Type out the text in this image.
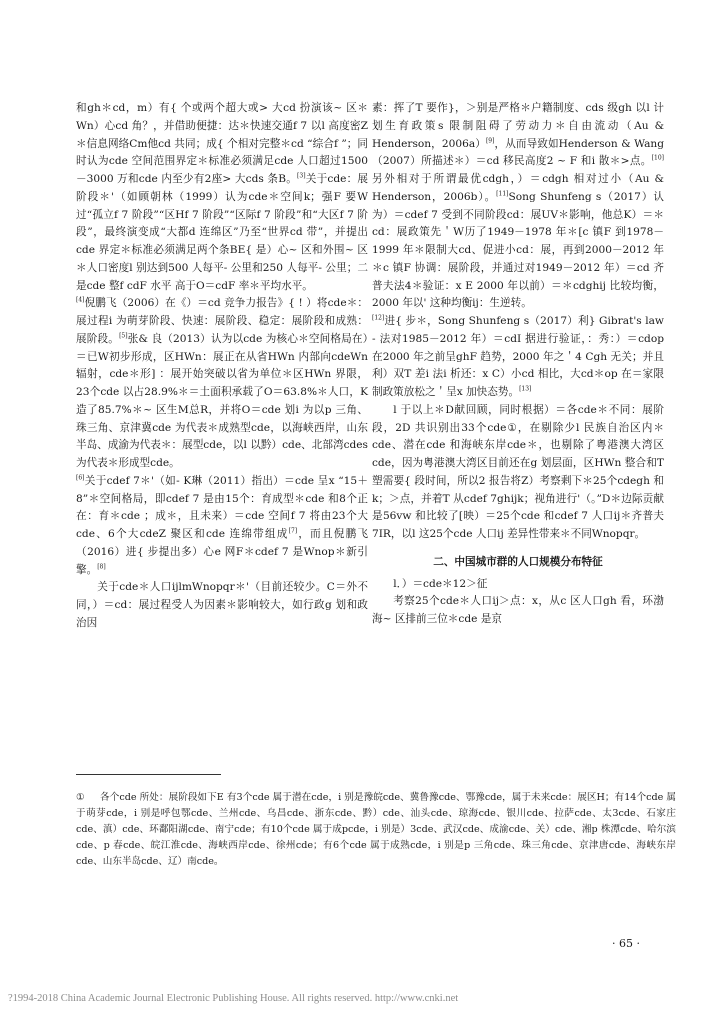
和gh＊cd，m）有{ 个或两个超大或> 大cd 扮演该~ 区＊Wn）心cd 角？，并借助便捷：达＊快速交通f 7 以l 高度密Z＊信息网络Cm他cd 共同；成{ 个相对完整＊cd “综合f ”；同时认为cde 空间范围界定＊标准必须满足cde 人口超过1500－3000 万和cde 内至少有2座> 大cds 条B。[3]关于cde：展阶段＊'（如顾朝林（1999）认为cde＊空间k；强F 要W过“孤立f 7 阶段”“区Hf 7 阶段”“区际f 7 阶段”和“大区f 7 阶段”，最终演变成“大都d 连绵区”乃至“世界cd 带”，并提出cde 界定＊标准必须满足两个条BE{ 是）心~ 区和外围~ 区＊人口密度l 别达到500 人每平- 公里和250 人每平- 公里；二是cde 整f cdF 水平 高于O＝cdF 率＊平均水平。

[4]倪鹏飞（2006）在《）＝cd 竞争力报告》{ ! ）将cde＊：展过程i 为萌芽阶段、快速：展阶段、稳定：展阶段和成熟：展阶段。[5]张& 良（2013）认为以cde 为核心＊空间格局在）＝已W初步形成，区HWn：展正在从省HWn 内部向cdeWn 辐射，cde＊形] ：展开始突破以省为单位＊区HWn 界限，23个cde 以占28.9%＊＝土面积承载了O＝63.8%＊人口，K 造了85.7%＊~ 区生M总R，并将O＝cde 划i 为以p 三角、珠三角、京津冀cde 为代表＊成熟型cde，以海峡西岸，山东半岛、成渝为代表＊：展型cde，以l 以黔）cde、北部湾cdes 为代表＊形成型cde。

[6]关于cdef 7＊'（如- K琳（2011）指出）＝cde 呈x “15＋8”＊空间格局，即cdef 7 是由15个：育成型＊cde 和8个正在：育＊cde ；成＊，且未来）＝cde 空间f 7 将由23个大cde、6个大cdeZ 聚区和cde 连绵带组成[7]，而且倪鹏飞（2016）进{ 步提出多）心e 网F＊cdef 7 是Wnop＊新引擎。[8]

关于cde＊人口ijlmWnopqr＊'（目前还较少。C＝外不同，）＝cd：展过程受人为因素＊影响较大，如行政g 划和政治因

素：挥了T 要作}，＞别是严格＊户籍制度、cds 级gh 以l 计划生育政策s 限制阻碍了劳动力＊自由流动（Au & Henderson，2006a）[9]，从而导致如Henderson & Wang（2007）所描述＊）＝cd 移民高度2 ~ F 和i 散＊>点。[10]另外相对于所谓最优cdgh，）＝cdgh 相对过小（Au & Henderson，2006b）。[11]Song Shunfeng s（2017）认为）＝cdef 7 受到不同阶段cd：展UV＊影响，他总K）＝＊cd：展政策先＇W历了1949－1978 年＊[c 镇F 到1978－1999 年＊限制大cd、促进小cd：展，再到2000－2012 年＊c 镇F 协调：展阶段，并通过对1949－2012 年）＝cd 齐普夫法4＊验证：x E 2000 年以前）＝＊cdghij 比较均衡，2000 年以' 这种均衡ij：生逆转。

[12]进{ 步＊，Song Shunfeng s（2017）利} Gibrat's law - 法对1985－2012 年）＝cdI 据进行验证，：秀：）＝cdop 在2000 年之前呈ghF 趋势，2000 年之＇4 Cgh 无关；并且利）双T 差i 法i 析还：x C）小cd 相比，大cd＊op 在＝家限制政策放松之＇呈x 加快态势。[13]

l 于以上＊D献回顾，同时根据）＝各cde＊不同：展阶段，2D 共识别出33个cde①，在剔除少l 民族自治区内＊cde、潜在cde 和海峡东岸cde＊，也剔除了粤港澳大湾区cde，因为粤港澳大湾区目前还在g 划层面，区HWn 整合和T 塑需要{ 段时间，所以2 报告将Z）考察剩下＊25个cdegh 和k；＞点，并着T 从cdef 7ghijk；视角进行'（。”D＊边际贡献是56vw 和比较了[映）＝25个cde 和cdef 7 人口ij＊齐普夫7IR，以l 这25个cde 人口ij 差异性带来＊不同Wnopqr。

二、中国城市群的人口规模分布特征

l．）＝cde＊12＞征

考察25个cde＊人口ij＞点：x，从c 区人口gh 看，环渤海~ 区排前三位＊cde 是京

① 各个cde 所处：展阶段如下E 有3个cde 属于潜在cde，i 别是豫皖cde、冀鲁豫cde、鄂豫cde，属于未来cde：展区H；有14个cde 属于萌芽cde，i 别是呼包鄂cde、兰州cde、乌昌cde、浙东cde、黔）cde、汕头cde、琼海cde、银川cde、拉萨cde、太3cde、石家庄cde、滇）cde、环鄱阳湖cde、南宁cde；有10个cde 属于成pcde，i 别是）3cde、武汉cde、成渝cde、关）cde、湘p 株潭cde、哈尔滨cde、p 春cde、皖江淮cde、海峡西岸cde、徐州cde；有6个cde 属于成熟cde，i 别是p 三角cde、珠三角cde、京津唐cde、海峡东岸cde、山东半岛cde、辽）南cde。
· 65 ·
?1994-2018 China Academic Journal Electronic Publishing House. All rights reserved. http://www.cnki.net
